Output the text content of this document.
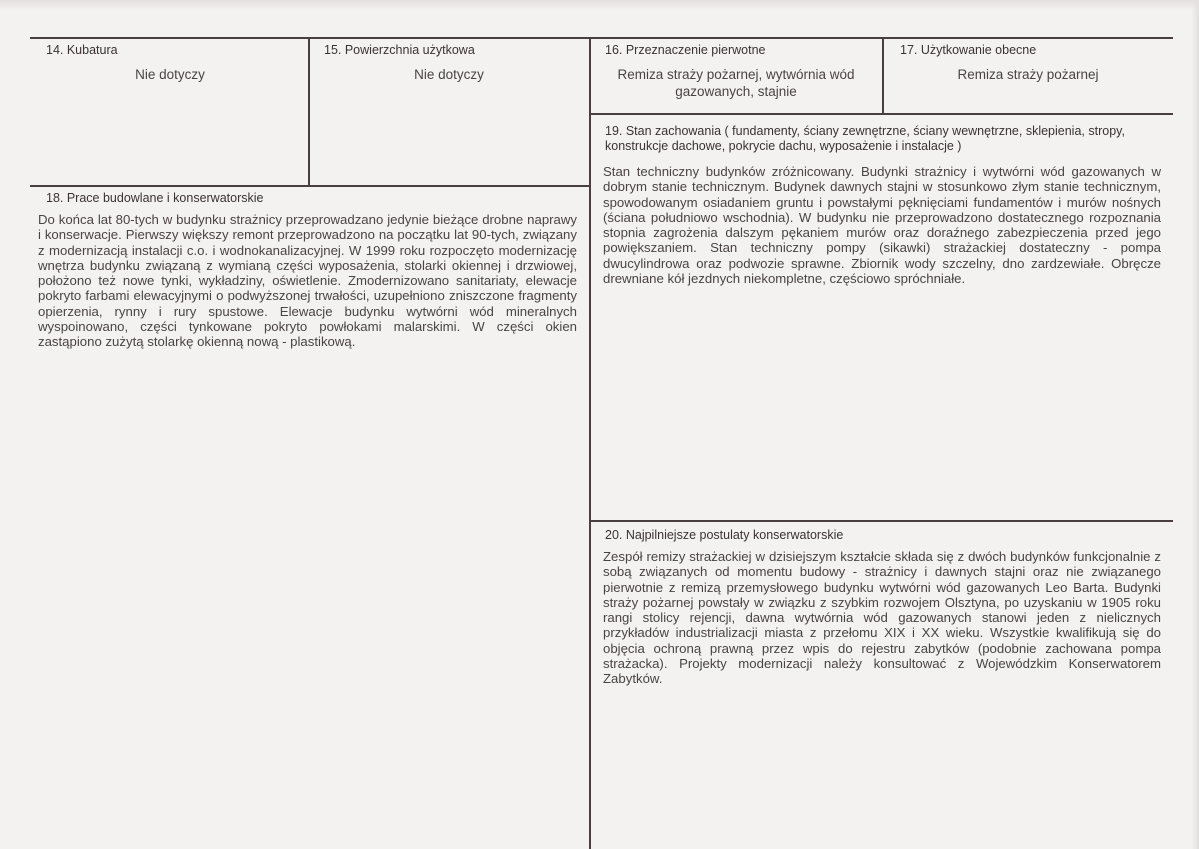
14. Kubatura
Nie dotyczy
15. Powierzchnia użytkowa
Nie dotyczy
16. Przeznaczenie pierwotne
Remiza straży pożarnej, wytwórnia wód gazowanych, stajnie
17. Użytkowanie obecne
Remiza straży pożarnej
18. Prace budowlane i konserwatorskie
Do końca lat 80-tych w budynku strażnicy przeprowadzano jedynie bieżące drobne naprawy i konserwacje. Pierwszy większy remont przeprowadzono na początku lat 90-tych, związany z modernizacją instalacji c.o. i wodnokanalizacyjnej. W 1999 roku rozpoczęto modernizację wnętrza budynku związaną z wymianą części wyposażenia, stolarki okiennej i drzwiowej, położono też nowe tynki, wykładziny, oświetlenie. Zmodernizowano sanitariaty, elewacje pokryto farbami elewacyjnymi o podwyższonej trwałości, uzupełniono zniszczone fragmenty opierzenia, rynny i rury spustowe. Elewacje budynku wytwórni wód mineralnych wyspoinowano, części tynkowane pokryto powłokami malarskimi. W części okien zastąpiono zużytą stolarkę okienną nową - plastikową.
19. Stan zachowania ( fundamenty, ściany zewnętrzne, ściany wewnętrzne, sklepienia, stropy, konstrukcje dachowe, pokrycie dachu, wyposażenie i instalacje )
Stan techniczny budynków zróżnicowany. Budynki strażnicy i wytwórni wód gazowanych w dobrym stanie technicznym. Budynek dawnych stajni w stosunkowo złym stanie technicznym, spowodowanym osiadaniem gruntu i powstałymi pęknięciami fundamentów i murów nośnych (ściana południowo wschodnia). W budynku nie przeprowadzono dostatecznego rozpoznania stopnia zagrożenia dalszym pękaniem murów oraz doraźnego zabezpieczenia przed jego powiększaniem. Stan techniczny pompy (sikawki) strażackiej dostateczny - pompa dwucylindrowa oraz podwozie sprawne. Zbiornik wody szczelny, dno zardzewiałe. Obręcze drewniane kół jezdnych niekompletne, częściowo spróchniałe.
20. Najpilniejsze postulaty konserwatorskie
Zespół remizy strażackiej w dzisiejszym kształcie składa się z dwóch budynków funkcjonalnie z sobą związanych od momentu budowy - strażnicy i dawnych stajni oraz nie związanego pierwotnie z remizą przemysłowego budynku wytwórni wód gazowanych Leo Barta. Budynki straży pożarnej powstały w związku z szybkim rozwojem Olsztyna, po uzyskaniu w 1905 roku rangi stolicy rejencji, dawna wytwórnia wód gazowanych stanowi jeden z nielicznych przykładów industrializacji miasta z przełomu XIX i XX wieku. Wszystkie kwalifikują się do objęcia ochroną prawną przez wpis do rejestru zabytków (podobnie zachowana pompa strażacka). Projekty modernizacji należy konsultować z Wojewódzkim Konserwatorem Zabytków.
